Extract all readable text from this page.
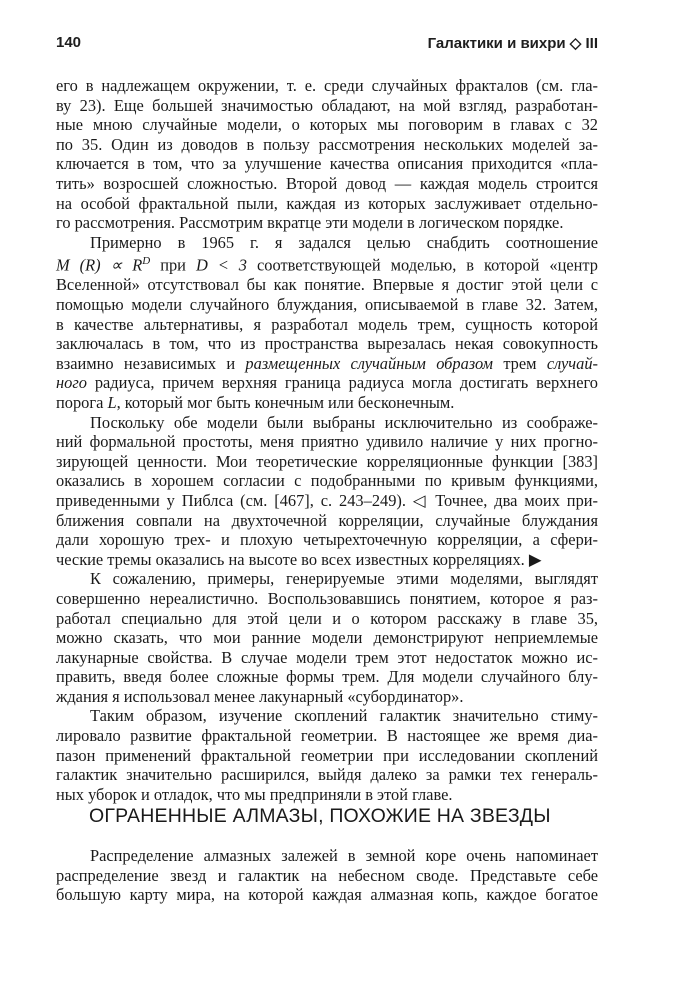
140	Галактики и вихри ◇ III

его в надлежащем окружении, т. е. среди случайных фракталов (см. гла-
ву 23). Еще большей значимостью обладают, на мой взгляд, разработан-
ные мною случайные модели, о которых мы поговорим в главах с 32
по 35. Один из доводов в пользу рассмотрения нескольких моделей за-
ключается в том, что за улучшение качества описания приходится «пла-
тить» возросшей сложностью. Второй довод — каждая модель строится
на особой фрактальной пыли, каждая из которых заслуживает отдельно-
го рассмотрения. Рассмотрим вкратце эти модели в логическом порядке.

Примерно в 1965 г. я задался целью снабдить соотношение
M $(R) \propto R^D$ при D < 3 соответствующей моделью, в которой «центр
Вселенной» отсутствовал бы как понятие. Впервые я достиг этой цели с
помощью модели случайного блуждания, описываемой в главе 32. Затем,
в качестве альтернативы, я разработал модель трем, сущность которой
заключалась в том, что из пространства вырезалась некая совокупность
взаимно независимых и размещенных случайным образом трем случай-
ного радиуса, причем верхняя граница радиуса могла достигать верхнего
порога L, который мог быть конечным или бесконечным.

Поскольку обе модели были выбраны исключительно из соображе-
ний формальной простоты, меня приятно удивило наличие у них прогно-
зирующей ценности. Мои теоретические корреляционные функции [383]
оказались в хорошем согласии с подобранными по кривым функциями,
приведенными у Пиблса (см. [467], с. 243–249). ◁ Точнее, два моих при-
ближения совпали на двухточечной корреляции, случайные блуждания
дали хорошую трех- и плохую четырехточечную корреляции, а сфери-
ческие тремы оказались на высоте во всех известных корреляциях. ▶

К сожалению, примеры, генерируемые этими моделями, выглядят
совершенно нереалистично. Воспользовавшись понятием, которое я раз-
работал специально для этой цели и о котором расскажу в главе 35,
можно сказать, что мои ранние модели демонстрируют неприемлемые
лакунарные свойства. В случае модели трем этот недостаток можно ис-
править, введя более сложные формы трем. Для модели случайного блу-
ждания я использовал менее лакунарный «субординатор».

Таким образом, изучение скоплений галактик значительно стиму-
лировало развитие фрактальной геометрии. В настоящее же время диа-
пазон применений фрактальной геометрии при исследовании скоплений
галактик значительно расширился, выйдя далеко за рамки тех генераль-
ных уборок и отладок, что мы предприняли в этой главе.

ОГРАНЕННЫЕ АЛМАЗЫ, ПОХОЖИЕ НА ЗВЕЗДЫ

Распределение алмазных залежей в земной коре очень напоминает
распределение звезд и галактик на небесном своде. Представьте себе
большую карту мира, на которой каждая алмазная копь, каждое богатое
